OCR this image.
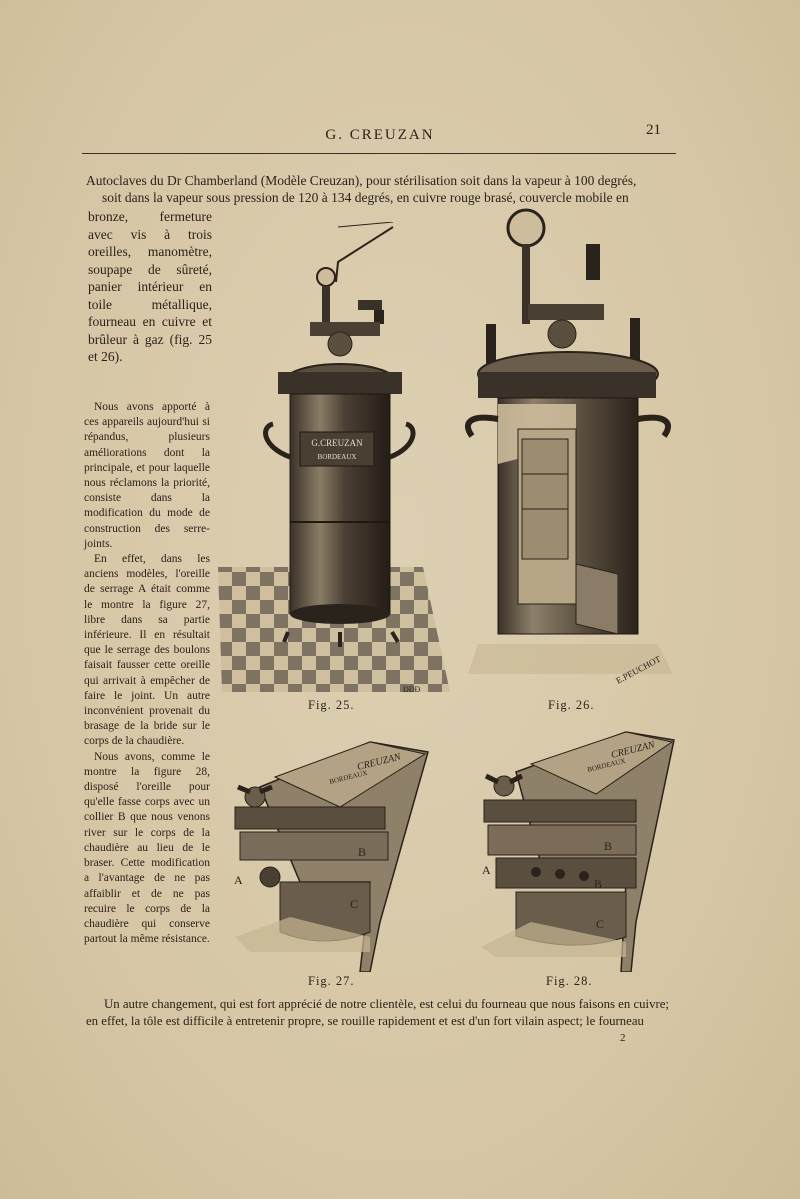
G. CREUZAN	21
Autoclaves du Dr Chamberland (Modèle Creuzan), pour stérilisation soit dans la vapeur à 100 degrés,
soit dans la vapeur sous pression de 120 à 134 degrés, en cuivre rouge brasé, couvercle mobile en
bronze, fermeture avec vis à trois oreilles, manomètre, soupape de sûreté, panier intérieur en toile métallique, fourneau en cuivre et brûleur à gaz (fig. 25 et 26).

Nous avons apporté à ces appareils aujourd'hui si répandus, plusieurs améliorations dont la principale, et pour laquelle nous réclamons la priorité, consiste dans la modification du mode de construction des serre-joints.

En effet, dans les anciens modèles, l'oreille de serrage A était comme le montre la figure 27, libre dans sa partie inférieure. Il en résultait que le serrage des boulons faisait fausser cette oreille qui arrivait à empêcher de faire le joint. Un autre inconvénient provenait du brasage de la bride sur le corps de la chaudière.

Nous avons, comme le montre la figure 28, disposé l'oreille pour qu'elle fasse corps avec un collier B que nous venons river sur le corps de la chaudière au lieu de le braser. Cette modification a l'avantage de ne pas affaiblir et de ne pas recuire le corps de la chaudière qui conserve partout la même résistance.

G.CREUZAN
BORDEAUX
ĐĐĐ
Fig. 25.
E.PEUCHOT
Fig. 26.
CREUZAN
BORDEAUX
A
B
C
Fig. 27.
CREUZAN
BORDEAUX
A
B
B
C
Fig. 28.
Un autre changement, qui est fort apprécié de notre clientèle, est celui du fourneau que nous faisons en cuivre;
en effet, la tôle est difficile à entretenir propre, se rouille rapidement et est d'un fort vilain aspect; le fourneau
2
